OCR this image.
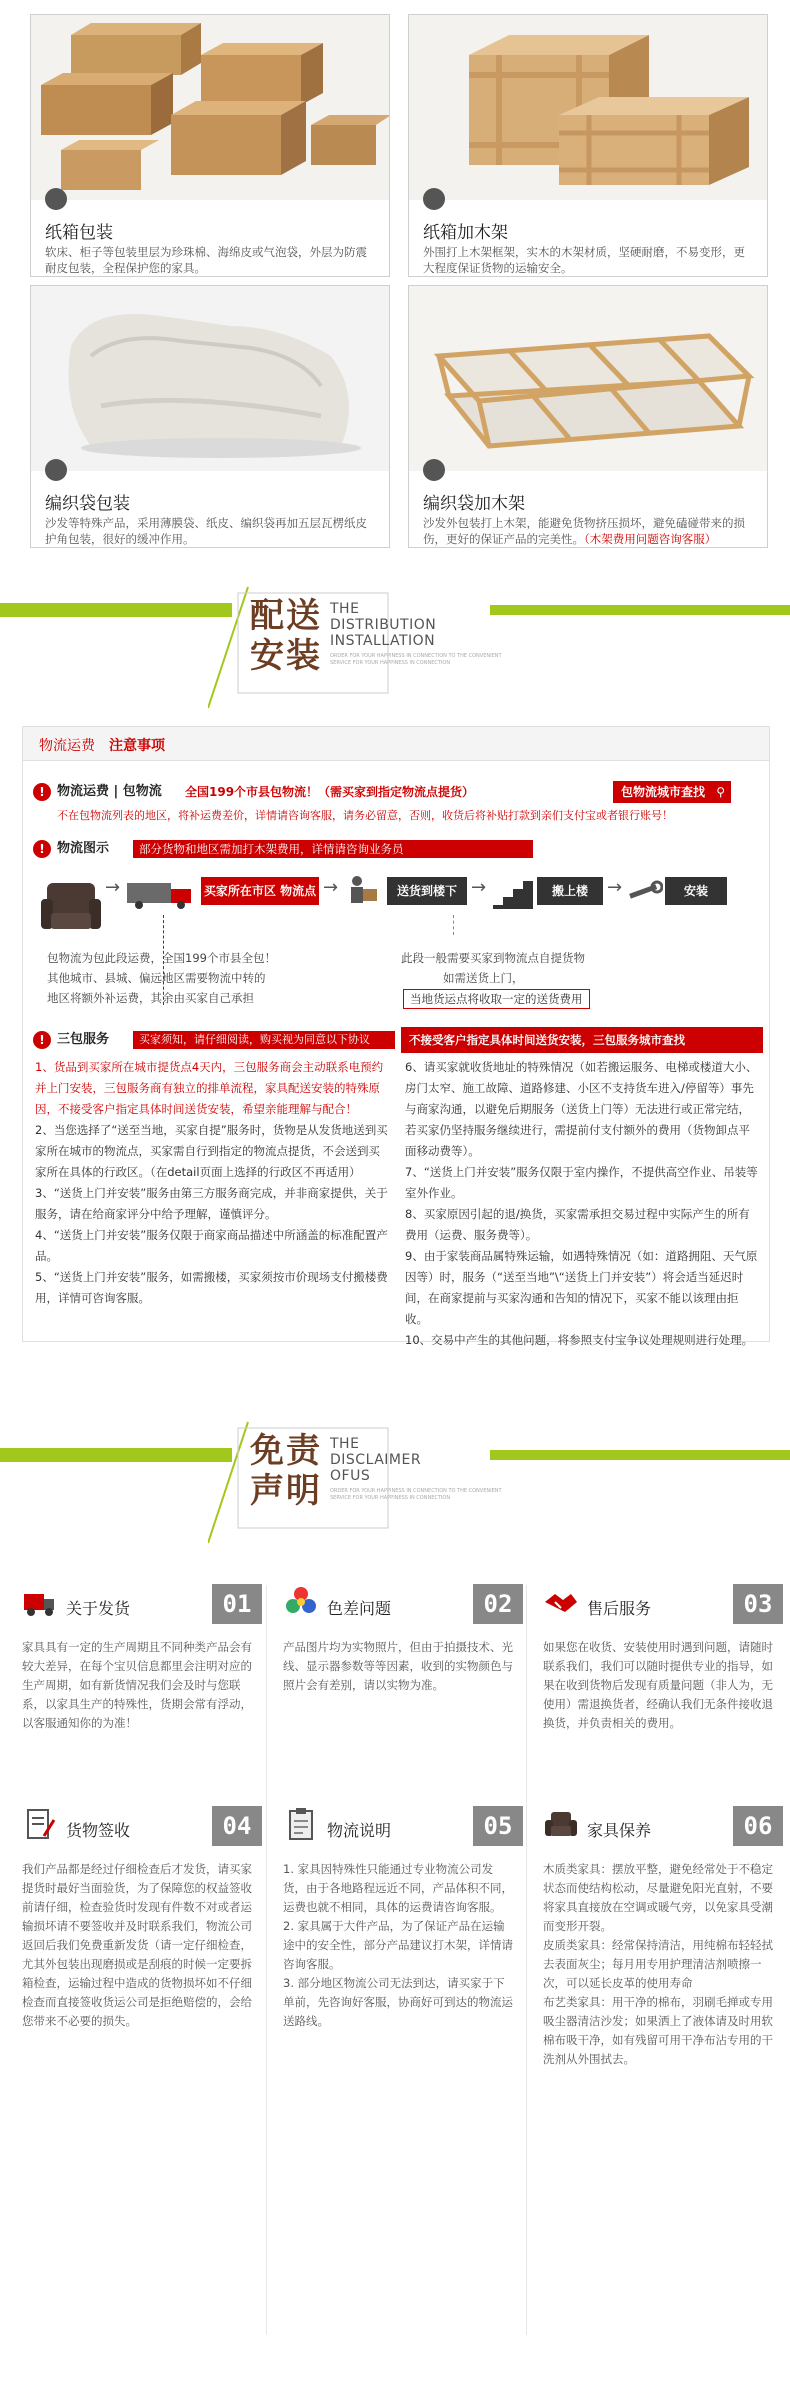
纸箱包装
软床、柜子等包装里层为珍珠棉、海绵皮或气泡袋，外层为防震耐皮包装，全程保护您的家具。
纸箱加木架
外围打上木架框架，实木的木架材质，坚硬耐磨，不易变形，更大程度保证货物的运输安全。
编织袋包装
沙发等特殊产品，采用薄膜袋、纸皮、编织袋再加五层瓦楞纸皮护角包装，很好的缓冲作用。
编织袋加木架
沙发外包装打上木架，能避免货物挤压损坏，避免磕碰带来的损伤，更好的保证产品的完美性。（木架费用问题咨询客服）
配送
安装
THE
DISTRIBUTION
INSTALLATION
ORDER FOR YOUR HAPPINESS IN CONNECTION TO THE CONVENIENT SERVICE FOR YOUR HAPPINESS IN CONNECTION
物流运费 注意事项
! 物流运费 | 包物流 全国199个市县包物流！（需买家到指定物流点提货）	包物流城市查找 ⚲
不在包物流列表的地区，将补运费差价，详情请咨询客服，请务必留意，否则，收货后将补贴打款到亲们支付宝或者银行账号！
! 物流图示	部分货物和地区需加打木架费用，详情请咨询业务员
→	买家所在市区 物流点 →	送货到楼下 →	搬上楼	→	安装
包物流为包此段运费，全国199个市县全包！
其他城市、县城、偏远地区需要物流中转的
地区将额外补运费，其余由买家自己承担
此段一般需要买家到物流点自提货物
如需送货上门，
当地货运点将收取一定的送货费用
! 三包服务	买家须知，请仔细阅读，购买视为同意以下协议	不接受客户指定具体时间送货安装，三包服务城市查找
1、货品到买家所在城市提货点4天内，三包服务商会主动联系电预约并上门安装，三包服务商有独立的排单流程，家具配送安装的特殊原因，不接受客户指定具体时间送货安装，希望亲能理解与配合！
2、当您选择了“送至当地，买家自提”服务时，货物是从发货地送到买家所在城市的物流点，买家需自行到指定的物流点提货，不会送到买家所在具体的行政区。（在detail页面上选择的行政区不再适用）
3、“送货上门并安装”服务由第三方服务商完成，并非商家提供，关于服务，请在给商家评分中给予理解，谨慎评分。
4、“送货上门并安装”服务仅限于商家商品描述中所涵盖的标准配置产品。
5、“送货上门并安装”服务，如需搬楼，买家须按市价现场支付搬楼费用，详情可咨询客服。
6、请买家就收货地址的特殊情况（如若搬运服务、电梯或楼道大小、房门太窄、施工故障、道路修建、小区不支持货车进入/停留等）事先与商家沟通，以避免后期服务（送货上门等）无法进行或正常完结，若买家仍坚持服务继续进行，需提前付支付额外的费用（货物卸点平面移动费等）。
7、“送货上门并安装”服务仅限于室内操作，不提供高空作业、吊装等室外作业。
8、买家原因引起的退/换货，买家需承担交易过程中实际产生的所有费用（运费、服务费等）。
9、由于家装商品属特殊运输，如遇特殊情况（如：道路拥阻、天气原因等）时，服务（“送至当地”\“送货上门并安装”）将会适当延迟时间，在商家提前与买家沟通和告知的情况下，买家不能以该理由拒收。
10、交易中产生的其他问题，将参照支付宝争议处理规则进行处理。
免责
声明
THE
DISCLAIMER
OFUS
ORDER FOR YOUR HAPPINESS IN CONNECTION TO THE CONVENIENT SERVICE FOR YOUR HAPPINESS IN CONNECTION
关于发货	01
家具具有一定的生产周期且不同种类产品会有较大差异，在每个宝贝信息都里会注明对应的生产周期，如有新货情况我们会及时与您联系，以家具生产的特殊性，货期会常有浮动，以客服通知你的为准！
色差问题	02
产品图片均为实物照片，但由于拍摄技术、光线、显示器参数等等因素，收到的实物颜色与照片会有差别，请以实物为准。
售后服务	03
如果您在收货、安装使用时遇到问题，请随时联系我们，我们可以随时提供专业的指导，如果在收到货物后发现有质量问题（非人为，无使用）需退换货者，经确认我们无条件接收退换货，并负责相关的费用。
货物签收	04
我们产品都是经过仔细检查后才发货，请买家提货时最好当面验货，为了保障您的权益签收前请仔细，检查验货时发现有件数不对或者运输损坏请不要签收并及时联系我们，物流公司返回后我们免费重新发货（请一定仔细检查，尤其外包装出现磨损或是刮痕的时候一定要拆箱检查，运输过程中造成的货物损坏如不仔细检查而直接签收货运公司是拒绝赔偿的，会给您带来不必要的损失。
物流说明	05
1. 家具因特殊性只能通过专业物流公司发货，由于各地路程远近不同，产品体积不同，运费也就不相同，具体的运费请咨询客服。
2. 家具属于大件产品，为了保证产品在运输途中的安全性，部分产品建议打木架，详情请咨询客服。
3. 部分地区物流公司无法到达，请买家于下单前，先咨询好客服，协商好可到达的物流运送路线。
家具保养	06
木质类家具：摆放平整，避免经常处于不稳定状态而使结构松动，尽量避免阳光直射，不要将家具直接放在空调或暖气旁，以免家具受潮而变形开裂。
皮质类家具：经常保持清洁，用纯棉布轻轻拭去表面灰尘；每月用专用护理清洁剂喷擦一次，可以延长皮革的使用寿命
布艺类家具：用干净的棉布，羽刷毛掸或专用吸尘器清洁沙发；如果洒上了液体请及时用软棉布吸干净，如有残留可用干净布沾专用的干洗剂从外围拭去。
